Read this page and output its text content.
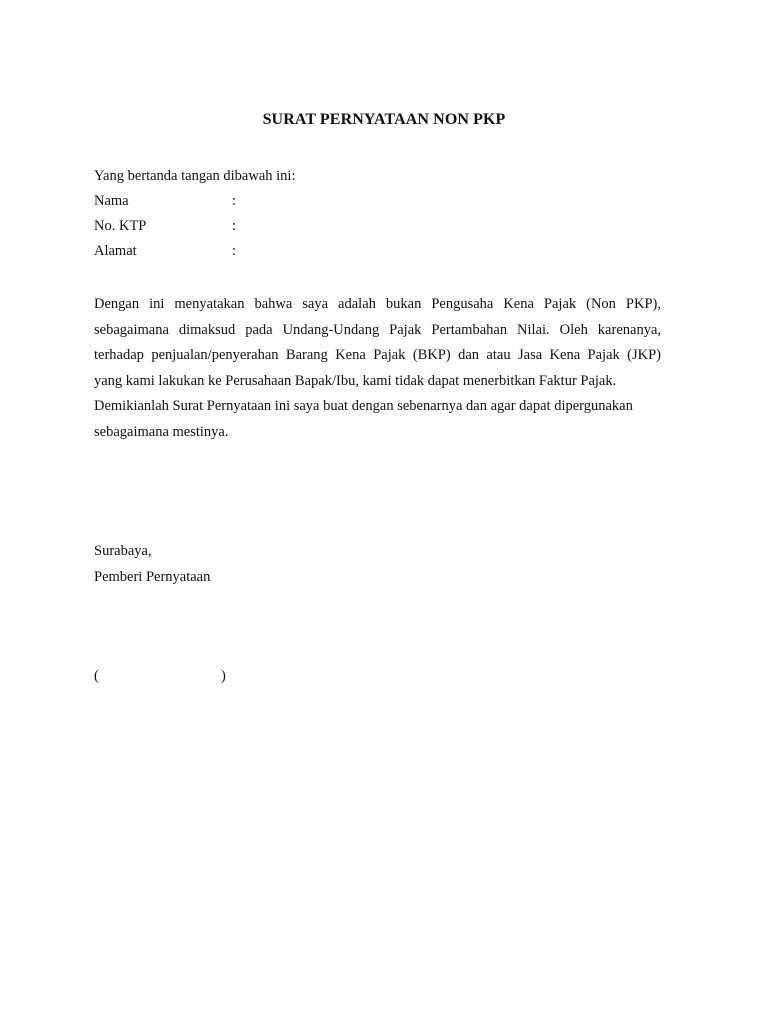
SURAT PERNYATAAN NON PKP
Yang bertanda tangan dibawah ini:
Nama	:
No. KTP	:
Alamat	:
Dengan ini menyatakan bahwa saya adalah bukan Pengusaha Kena Pajak (Non PKP),
sebagaimana dimaksud pada Undang-Undang Pajak Pertambahan Nilai. Oleh karenanya,
terhadap penjualan/penyerahan Barang Kena Pajak (BKP) dan atau Jasa Kena Pajak (JKP)
yang kami lakukan ke Perusahaan Bapak/Ibu, kami tidak dapat menerbitkan Faktur Pajak.
Demikianlah Surat Pernyataan ini saya buat dengan sebenarnya dan agar dapat dipergunakan
sebagaimana mestinya.
Surabaya,
Pemberi Pernyataan
(	)
